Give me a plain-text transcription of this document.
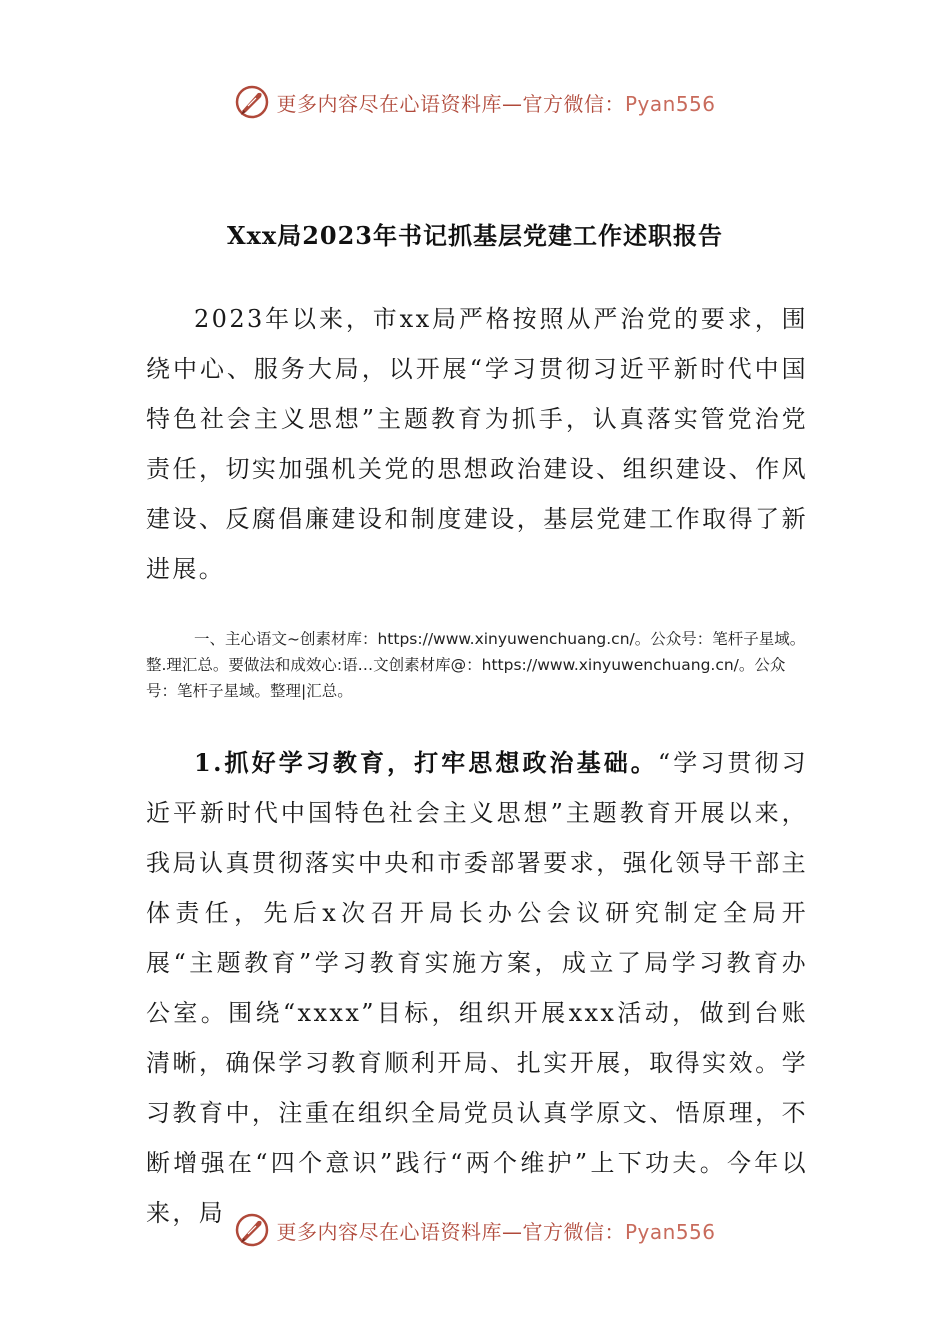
更多内容尽在心语资料库—官方微信：Pyan556
Xxx局2023年书记抓基层党建工作述职报告
2023年以来，市xx局严格按照从严治党的要求，围绕中心、服务大局，以开展“学习贯彻习近平新时代中国特色社会主义思想”主题教育为抓手，认真落实管党治党责任，切实加强机关党的思想政治建设、组织建设、作风建设、反腐倡廉建设和制度建设，基层党建工作取得了新进展。
一、主心语文~创素材库：https://www.xinyuwenchuang.cn/。公众号：笔杆子星域。整.理汇总。要做法和成效心:语…文创素材库@：https://www.xinyuwenchuang.cn/。公众号：笔杆子星域。整理|汇总。
1.抓好学习教育，打牢思想政治基础。“学习贯彻习近平新时代中国特色社会主义思想”主题教育开展以来，我局认真贯彻落实中央和市委部署要求，强化领导干部主体责任，先后x次召开局长办公会议研究制定全局开展“主题教育”学习教育实施方案，成立了局学习教育办公室。围绕“xxxx”目标，组织开展xxx活动，做到台账清晰，确保学习教育顺利开局、扎实开展，取得实效。学习教育中，注重在组织全局党员认真学原文、悟原理，不断增强在“四个意识”践行“两个维护”上下功夫。今年以来，局
更多内容尽在心语资料库—官方微信：Pyan556
